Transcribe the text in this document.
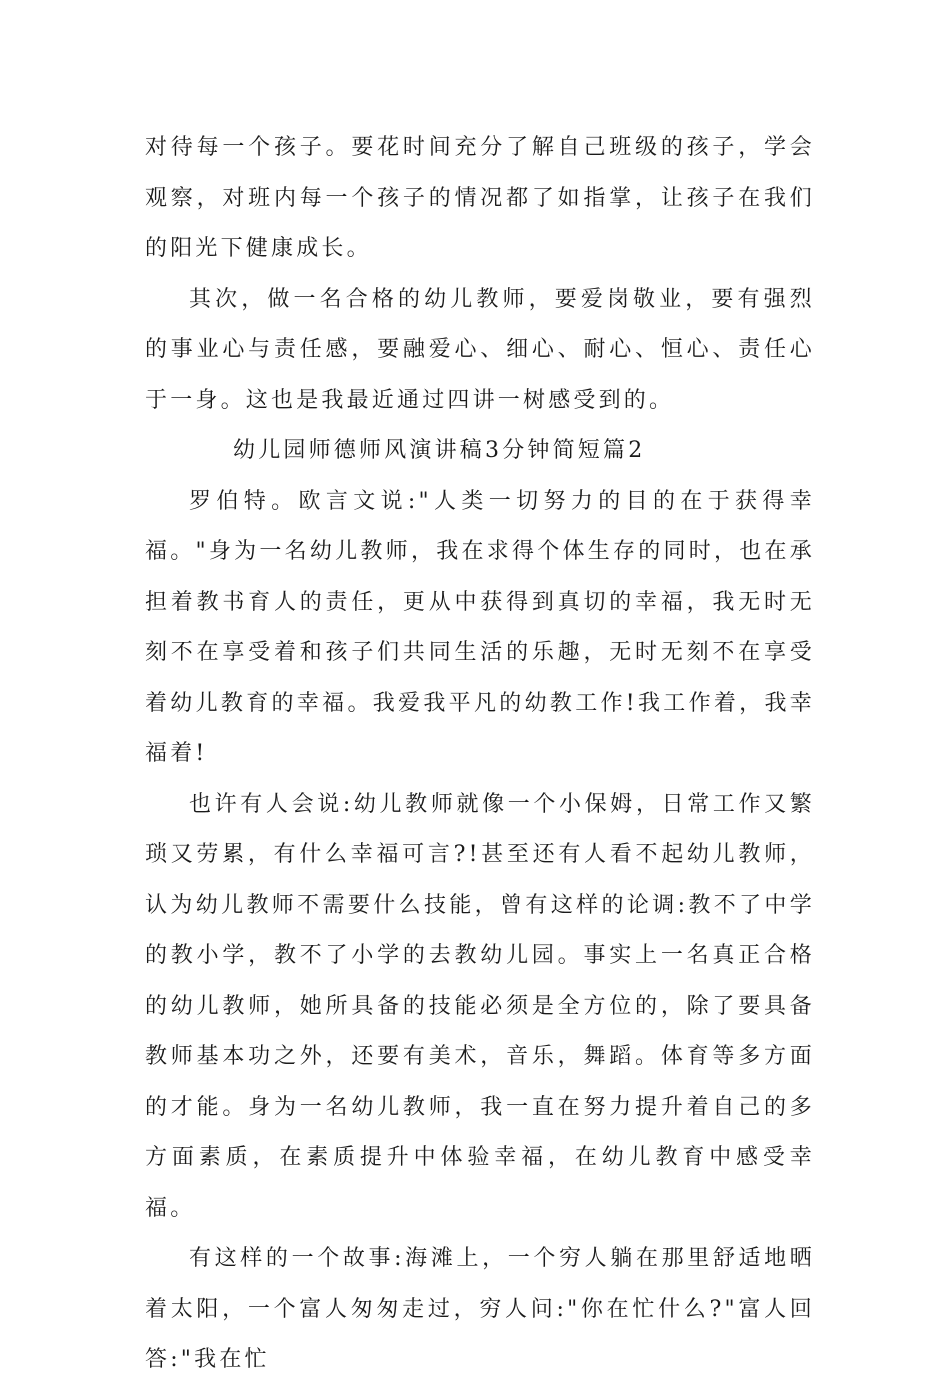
对待每一个孩子。要花时间充分了解自己班级的孩子，学会观察，对班内每一个孩子的情况都了如指掌，让孩子在我们的阳光下健康成长。

其次，做一名合格的幼儿教师，要爱岗敬业，要有强烈的事业心与责任感，要融爱心、细心、耐心、恒心、责任心于一身。这也是我最近通过四讲一树感受到的。

幼儿园师德师风演讲稿3分钟简短篇2

罗伯特。欧言文说:"人类一切努力的目的在于获得幸福。"身为一名幼儿教师，我在求得个体生存的同时，也在承担着教书育人的责任，更从中获得到真切的幸福，我无时无刻不在享受着和孩子们共同生活的乐趣，无时无刻不在享受着幼儿教育的幸福。我爱我平凡的幼教工作!我工作着，我幸福着!

也许有人会说:幼儿教师就像一个小保姆，日常工作又繁琐又劳累，有什么幸福可言?!甚至还有人看不起幼儿教师，认为幼儿教师不需要什么技能，曾有这样的论调:教不了中学的教小学，教不了小学的去教幼儿园。事实上一名真正合格的幼儿教师，她所具备的技能必须是全方位的，除了要具备教师基本功之外，还要有美术，音乐，舞蹈。体育等多方面的才能。身为一名幼儿教师，我一直在努力提升着自己的多方面素质，在素质提升中体验幸福，在幼儿教育中感受幸福。

有这样的一个故事:海滩上，一个穷人躺在那里舒适地晒着太阳，一个富人匆匆走过，穷人问:"你在忙什么?"富人回答:"我在忙
